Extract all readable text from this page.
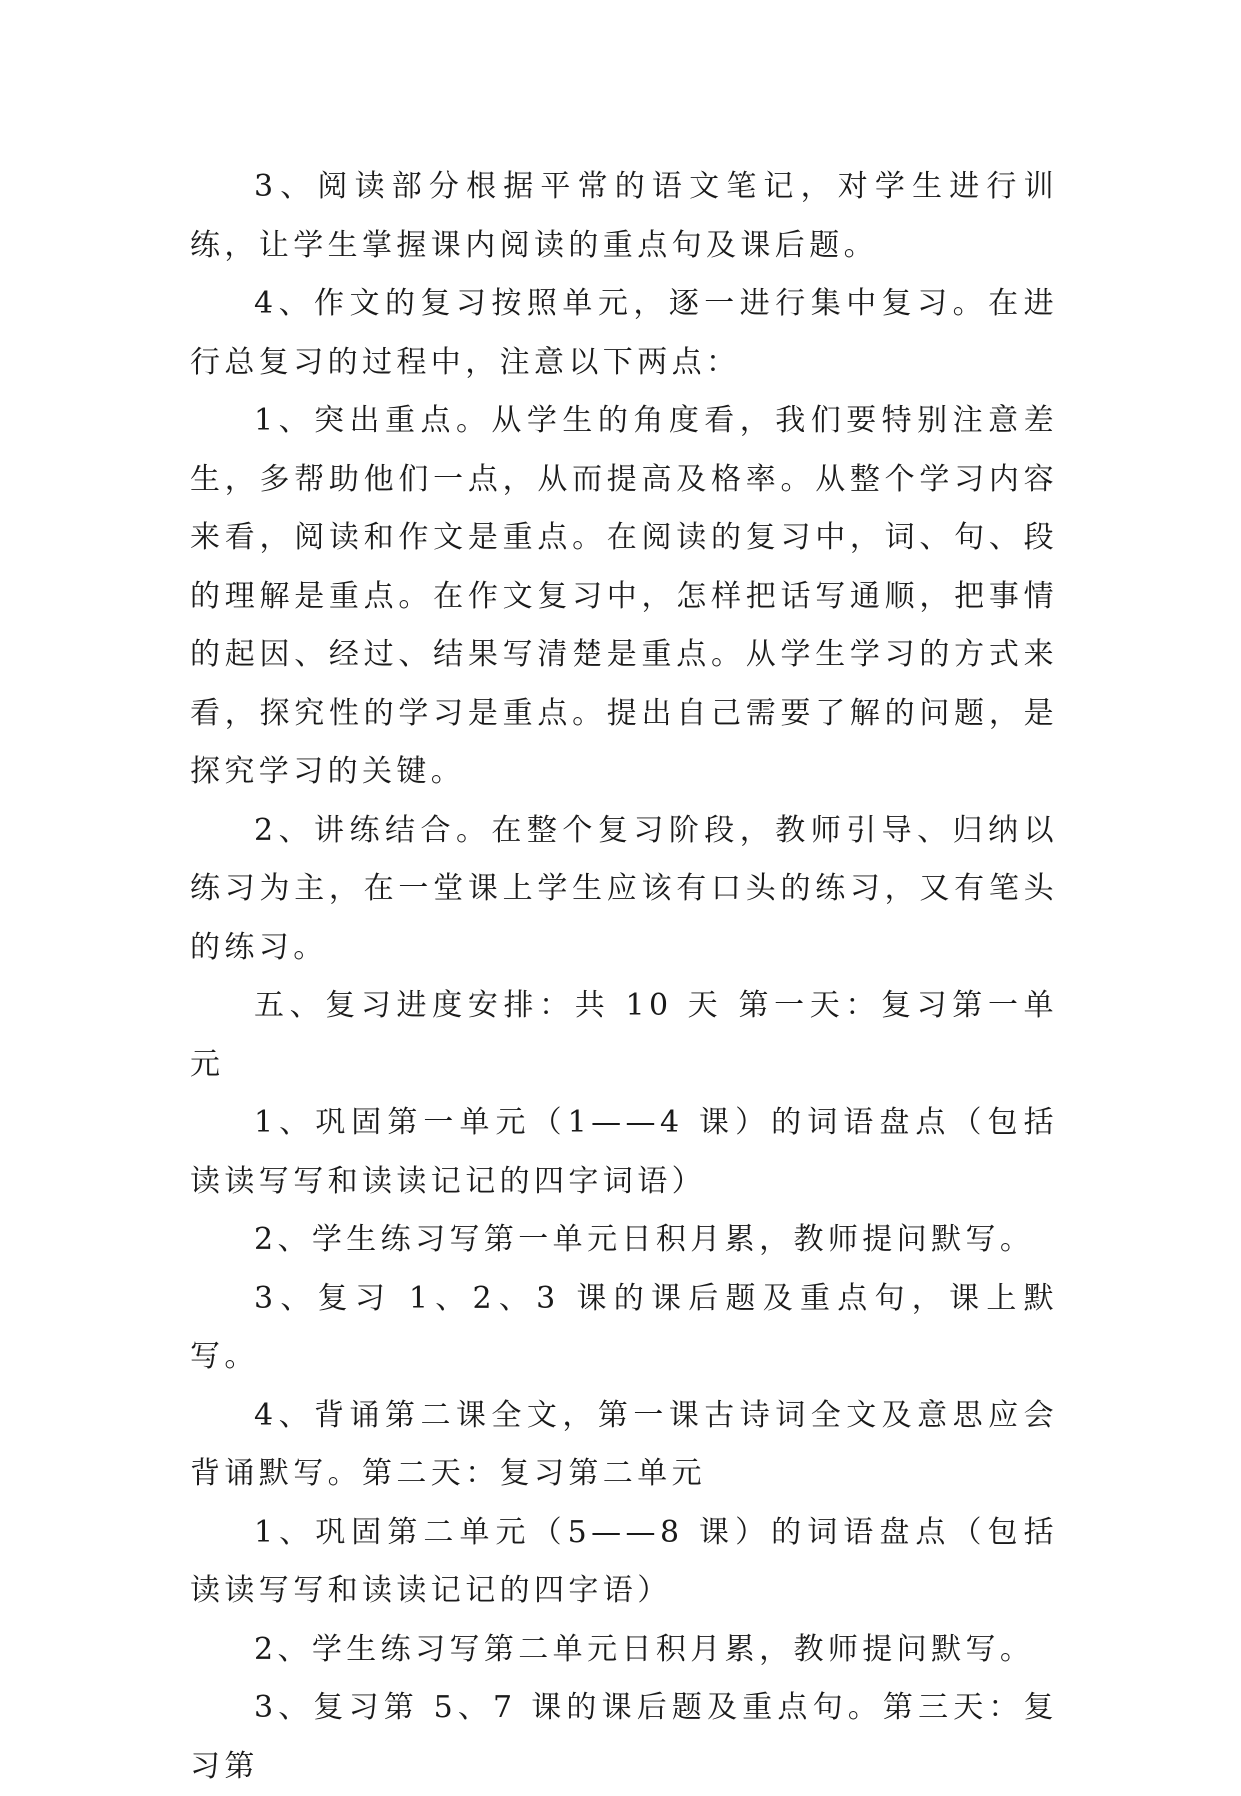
3、阅读部分根据平常的语文笔记，对学生进行训练，让学生掌握课内阅读的重点句及课后题。

4、作文的复习按照单元，逐一进行集中复习。在进行总复习的过程中，注意以下两点：

1、突出重点。从学生的角度看，我们要特别注意差生，多帮助他们一点，从而提高及格率。从整个学习内容来看，阅读和作文是重点。在阅读的复习中，词、句、段的理解是重点。在作文复习中，怎样把话写通顺，把事情的起因、经过、结果写清楚是重点。从学生学习的方式来看，探究性的学习是重点。提出自己需要了解的问题，是探究学习的关键。

2、讲练结合。在整个复习阶段，教师引导、归纳以练习为主，在一堂课上学生应该有口头的练习，又有笔头的练习。

五、复习进度安排：共 10 天 第一天：复习第一单元

1、巩固第一单元（1——4 课）的词语盘点（包括读读写写和读读记记的四字词语）

2、学生练习写第一单元日积月累，教师提问默写。

3、复习 1、2、3 课的课后题及重点句，课上默写。

4、背诵第二课全文，第一课古诗词全文及意思应会背诵默写。第二天：复习第二单元

1、巩固第二单元（5——8 课）的词语盘点（包括读读写写和读读记记的四字语）

2、学生练习写第二单元日积月累，教师提问默写。

3、复习第 5、7 课的课后题及重点句。第三天：复习第
